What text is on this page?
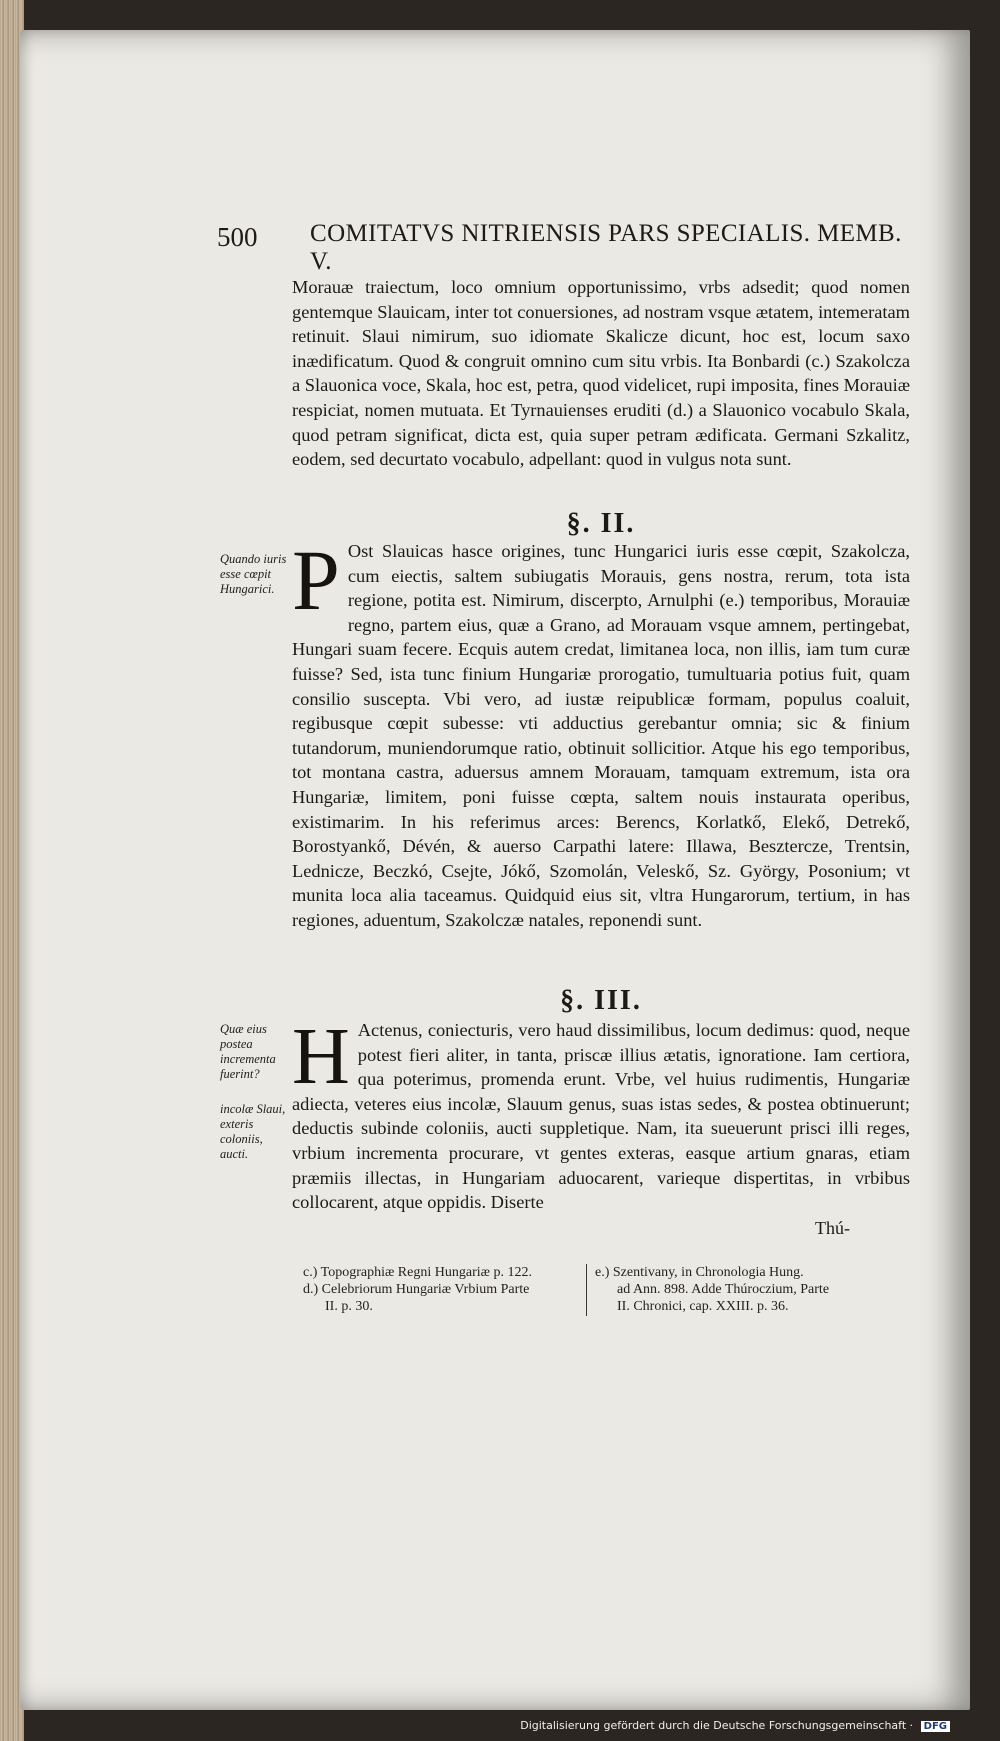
500 COMITATVS NITRIENSIS PARS SPECIALIS. MEMB. V.

Morauæ traiectum, loco omnium opportunissimo, vrbs adsedit; quod nomen gentemque Slauicam, inter tot conuersiones, ad nostram vsque ætatem, intemeratam retinuit. Slaui nimirum, suo idiomate Skalicze dicunt, hoc est, locum saxo inædificatum. Quod & congruit omnino cum situ vrbis. Ita Bonbardi (c.) Szakolcza a Slauonica voce, Skala, hoc est, petra, quod videlicet, rupi imposita, fines Morauiæ respiciat, nomen mutuata. Et Tyrnauienses eruditi (d.) a Slauonico vocabulo Skala, quod petram significat, dicta est, quia super petram ædificata. Germani Szkalitz, eodem, sed decurtato vocabulo, adpellant: quod in vulgus nota sunt.

§. II.
Quando iuris esse cœpit Hungarici. P Ost Slauicas hasce origines, tunc Hungarici iuris esse cœpit, Szakolcza, cum eiectis, saltem subiugatis Morauis, gens nostra, rerum, tota ista regione, potita est. Nimirum, discerpto, Arnulphi (e.) temporibus, Morauiæ regno, partem eius, quæ a Grano, ad Morauam vsque amnem, pertingebat, Hungari suam fecere. Ecquis autem credat, limitanea loca, non illis, iam tum curæ fuisse? Sed, ista tunc finium Hungariæ prorogatio, tumultuaria potius fuit, quam consilio suscepta. Vbi vero, ad iustæ reipublicæ formam, populus coaluit, regibusque cœpit subesse: vti adductius gerebantur omnia; sic & finium tutandorum, muniendorumque ratio, obtinuit sollicitior. Atque his ego temporibus, tot montana castra, aduersus amnem Morauam, tamquam extremum, ista ora Hungariæ, limitem, poni fuisse cœpta, saltem nouis instaurata operibus, existimarim. In his referimus arces: Berencs, Korlatkő, Elekő, Detrekő, Borostyankő, Dévén, & auerso Carpathi latere: Illawa, Beszterczе, Trentsin, Lednicze, Beczkó, Csejte, Jókő, Szomolán, Veleskő, Sz. György, Posonium; vt munita loca alia taceamus. Quidquid eius sit, vltra Hungarorum, tertium, in has regiones, aduentum, Szakolczæ natales, reponendi sunt.

§. III.
Quæ eius postea incrementa fuerint?
incolæ Slaui, exteris coloniis, aucti.
H Actenus, coniecturis, vero haud dissimilibus, locum dedimus: quod, neque potest fieri aliter, in tanta, priscæ illius ætatis, ignoratione. Iam certiora, qua poterimus, promenda erunt. Vrbe, vel huius rudimentis, Hungariæ adiecta, veteres eius incolæ, Slauum genus, suas istas sedes, & postea obtinuerunt; deductis subinde coloniis, aucti suppletique. Nam, ita sueuerunt prisci illi reges, vrbium incrementa procurare, vt gentes exteras, easque artium gnaras, etiam præmiis illectas, in Hungariam aduocarent, varieque dispertitas, in vrbibus collocarent, atque oppidis. Diserte

Thú-
c.) Topographiæ Regni Hungariæ p. 122.
d.) Celebriorum Hungariæ Vrbium Parte
II. p. 30.
e.) Szentivany, in Chronologia Hung.
ad Ann. 898. Adde Thúroczium, Parte
II. Chronici, cap. XXIII. p. 36.
Digitalisierung gefördert durch die Deutsche Forschungsgemeinschaft · DFG
